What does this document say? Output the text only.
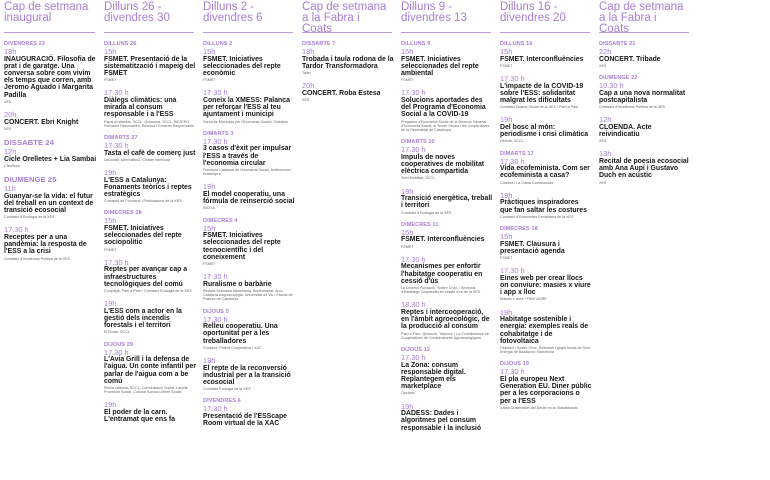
Cap de setmana
inaugural
DIVENDRES 23
18h
INAUGURACIÓ. Filosofia de prat i de garatge. Una conversa sobre com vivim els temps que corren, amb Jeromo Aguado i Margarita Padilla
XES
20h
CONCERT. Ebri Knight
XES
DISSABTE 24
12h
Cicle Orelletes + Lia Sambai
L'Aurifora
DIUMENGE 25
11h
Guanyar-se la vida: el futur del treball en un context de transició ecosocial
Comissió d'Ecologia de la XES
17.30 h
Receptes per a una pandèmia: la resposta de l'ESS a la crisi
Comissió d'Incidència Política de la XES
Dilluns 26 -
divendres 30
DILLUNS 26
15h
FSMET. Presentació de la sistematització i mapeig del FSMET
FSMET
17.30 h
Diàlegs climàtics: una mirada al consum responsable i a l'ESS
Espai Ambiental, SCCL, Quiosona, SCCL, BEZERO Fundació Renovables, Residus i Consum Responsable
DIMARTS 27
17.30 h
Tasta el cafè de comerç just
LaCoordi, Alternativa3, Clotam Intercoop
19h
L'ESS a Catalunya: Fonaments teòrics i reptes estratègics
Comissió de Formació i Publicacions de la XES
DIMECRES 28
15h
FSMET. Iniciatives seleccionades del repte sociopolític
FSMET
17.30 h
Reptes per avançar cap a infraestructures tecnològiques del comú
Coopdigit, Pam a Pam / Comissió Ecologia de la XES
19h
L'ESS com a actor en la gestió dels incendis forestals i el territori
El Rodal, SCCL
DIJOUS 29
17.30 h
L'Avia Grill i la defensa de l'aigua. Un conte infantil per parlar de l'aigua com a be comú
Ricilla editorial, SCCL, Comunicació Social, Lacolle Proveïdor Social, Cultural Somos Llibres Social
19h
El poder de la carn. L'entramat que ens fa
Dilluns 2 -
divendres 6
DILLUNS 2
15h
FSMET. Iniciatives seleccionades del repte econòmic
FSMET
17.30 h
Coneix la XMESS: Palanca per reforçar l'ESS al teu ajuntament i municipi
Xarxa de Municipis per l'Economia Social i Solidària
DIMARTS 3
17.30 h
3 casos d'èxit per impulsar l'ESS a través de l'economia circular
Fundació Catalana de Voluntariat Social, Andromeda / Sostenipra
19h
El model cooperatiu, una fórmula de reinserció social
INCITA
DIMECRES 4
15h
FSMET. Iniciatives seleccionades del repte tecnocientífic i del coneixement
FSMET
17.30 h
Ruralisme o barbàrie
Revista Sobirania alimentaria, Biodiversitat, Arca Catalana d'agroecologia, Universitat de Vic / Escola de Pastors de Catalunya
DIJOUS 5
17.30 h
Relleu cooperatiu. Una oportunitat per a les treballadores
Coopera, Parent Cooperativa / XAC
19h
El repte de la reconversió industrial per a la transició ecosocial
Comissió Ecologia de la XES
DIVENDRES 6
17.30 h
Presentació de l'ESScape Room virtual de la XAC
Cap de setmana
a la Fabra i Coats
DISSABTE 7
18h
Trobada i taula rodona de la Tardor Transformadora
Taller
20h
CONCERT. Roba Estesa
XES
Dilluns 9 -
divendres 13
DILLUNS 9
15h
FSMET. Iniciatives seleccionades del repte ambiental
FSMET
17.30 h
Solucions aportades des del Programa d'Economia Social a la COVID-19
Programa d'Economia Social de la Direcció General d'Economia Social, el Tercer Sector i les Cooperatives de la Generalitat de Catalunya
DIMARTS 10
17.30 h
Impuls de noves cooperatives de mobilitat elèctrica compartida
Som Mobilitat, SCCL
19h
Transició energètica, treball i territori
Comissió d'Ecologia de la XES
DIMECRES 11
15h
FSMET. Interconfluències
FSMET
17.30 h
Mecanismes per enfortir l'habitatge cooperatiu en cessió d'ús
La Dinamo Fundació, Sostre Cívic, i Sectorial d'Habitatge Cooperatiu en cessió d'ús de la XES
18.30 h
Reptes i intercooperació, en l'àmbit agroecològic, de la producció al consum
Pam a Pam, Quiosom, Tarpuna, i La Coordinadora de Cooperatives de Consumidores Agroecològiques
DIJOUS 12
17.30 h
La Zona: consum responsable digital. Replantegem els marketplace
Opcions
19h
DADESS: Dades i algoritmes pel consum responsable i la inclusió
Dilluns 16 -
divendres 20
DILLUNS 16
15h
FSMET. Interconfluències
FSMET
17.30 h
L'impacte de la COVID-19 sobre l'ESS: solidaritat malgrat les dificultats
Comissió Balanç Social de la XES / Pam a Pam
19h
Del bosc al món: periodisme i crisi climàtica
Directa, SCCL
DIMARTS 17
17.30 h
Vida ecofeminista. Com ser ecofeminista a casa?
Cúrbera i La Ciana Comunicació
19h
Pràctiques inspiradores que fan saltar les costures
Comissió d'Economies Feministes de la XES
DIMECRES 18
15h
FSMET. Clausura i presentació agenda
FSMET
17.30 h
Eines web per crear llocs on conviure: masies x viure i app x lloc
Masies x viure / FEM VIURE
19h
Habitatge sostenible i energia: exemples reals de cohabitatge i de fotovoltaica
Celobert i Sostre Cívic, Retevisel i grups locals de Som Energia de Badalona i Barcelona
DIJOUS 19
17.30 h
El pla europeu Next Generation EU. Diner públic per a les corporacions o per a l'ESS
Xarxa Observatori del Deute en la Globalització
Cap de setmana
a la Fabra i Coats
DISSABTE 21
22h
CONCERT. Tribade
XES
DIUMENGE 22
10.30 h
Cap a una nova normalitat postcapitalista
Comissió d'Incidència Política de la XES
12h
CLOENDA. Acte reivindicatiu
XES
13h
Recital de poesia ecosocial amb Ana Aupí i Gustavo Duch en acústic
XES
